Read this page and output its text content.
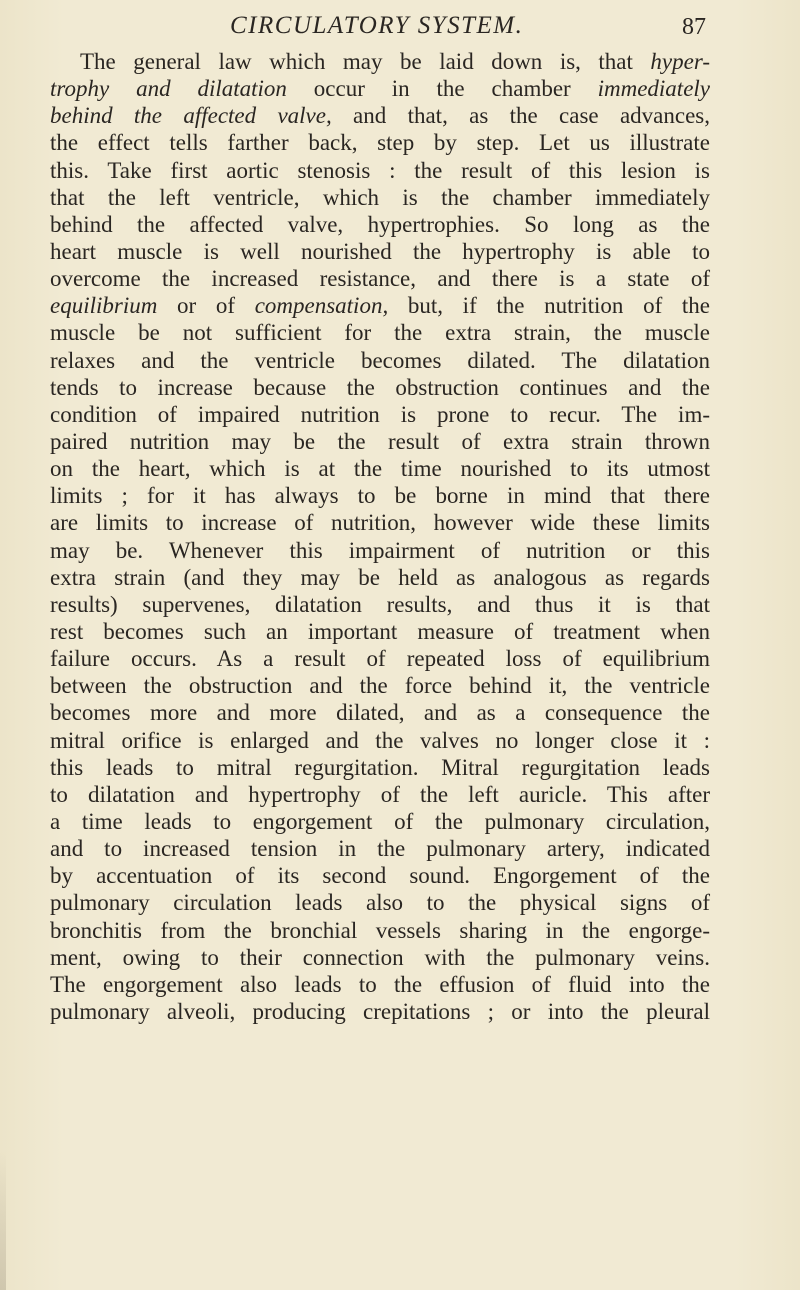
CIRCULATORY SYSTEM.	87
The general law which may be laid down is, that hyper-
trophy and dilatation occur in the chamber immediately
behind the affected valve, and that, as the case advances,
the effect tells farther back, step by step. Let us illustrate
this. Take first aortic stenosis : the result of this lesion is
that the left ventricle, which is the chamber immediately
behind the affected valve, hypertrophies. So long as the
heart muscle is well nourished the hypertrophy is able to
overcome the increased resistance, and there is a state of
equilibrium or of compensation, but, if the nutrition of the
muscle be not sufficient for the extra strain, the muscle
relaxes and the ventricle becomes dilated. The dilatation
tends to increase because the obstruction continues and the
condition of impaired nutrition is prone to recur. The im-
paired nutrition may be the result of extra strain thrown
on the heart, which is at the time nourished to its utmost
limits ; for it has always to be borne in mind that there
are limits to increase of nutrition, however wide these limits
may be. Whenever this impairment of nutrition or this
extra strain (and they may be held as analogous as regards
results) supervenes, dilatation results, and thus it is that
rest becomes such an important measure of treatment when
failure occurs. As a result of repeated loss of equilibrium
between the obstruction and the force behind it, the ventricle
becomes more and more dilated, and as a consequence the
mitral orifice is enlarged and the valves no longer close it :
this leads to mitral regurgitation. Mitral regurgitation leads
to dilatation and hypertrophy of the left auricle. This after
a time leads to engorgement of the pulmonary circulation,
and to increased tension in the pulmonary artery, indicated
by accentuation of its second sound. Engorgement of the
pulmonary circulation leads also to the physical signs of
bronchitis from the bronchial vessels sharing in the engorge-
ment, owing to their connection with the pulmonary veins.
The engorgement also leads to the effusion of fluid into the
pulmonary alveoli, producing crepitations ; or into the pleural
